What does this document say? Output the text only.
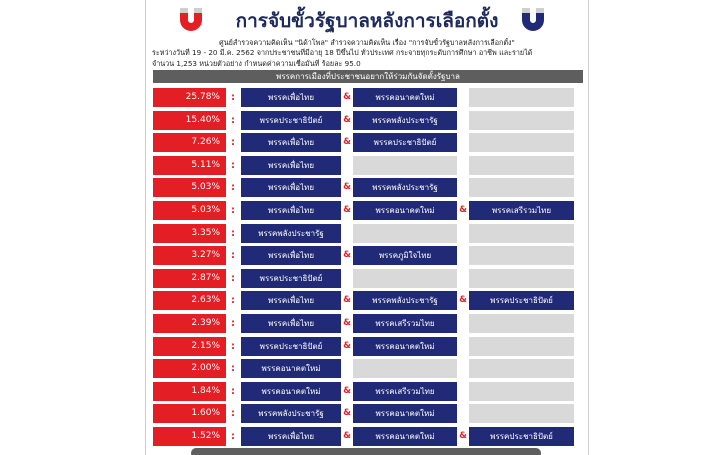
การจับขั้วรัฐบาลหลังการเลือกตั้ง
ศูนย์สำรวจความคิดเห็น "นิด้าโพล" สำรวจความคิดเห็น เรื่อง "การจับขั้วรัฐบาลหลังการเลือกตั้ง"
ระหว่างวันที่ 19 - 20 มี.ค. 2562 จากประชาชนที่มีอายุ 18 ปีขึ้นไป ทั่วประเทศ กระจายทุกระดับการศึกษา อาชีพ และรายได้
จำนวน 1,253 หน่วยตัวอย่าง กำหนดค่าความเชื่อมั่นที่ ร้อยละ 95.0
พรรคการเมืองที่ประชาชนอยากให้ร่วมกันจัดตั้งรัฐบาล
25.78%	:	พรรคเพื่อไทย	&	พรรคอนาคตใหม่
15.40%	:	พรรคประชาธิปัตย์	&	พรรคพลังประชารัฐ
7.26%	:	พรรคเพื่อไทย	&	พรรคประชาธิปัตย์
5.11%	:	พรรคเพื่อไทย
5.03%	:	พรรคเพื่อไทย	&	พรรคพลังประชารัฐ
5.03%	:	พรรคเพื่อไทย	&	พรรคอนาคตใหม่	&	พรรคเสรีรวมไทย
3.35%	:	พรรคพลังประชารัฐ
3.27%	:	พรรคเพื่อไทย	&	พรรคภูมิใจไทย
2.87%	:	พรรคประชาธิปัตย์
2.63%	:	พรรคเพื่อไทย	&	พรรคพลังประชารัฐ	&	พรรคประชาธิปัตย์
2.39%	:	พรรคเพื่อไทย	&	พรรคเสรีรวมไทย
2.15%	:	พรรคประชาธิปัตย์	&	พรรคอนาคตใหม่
2.00%	:	พรรคอนาคตใหม่
1.84%	:	พรรคอนาคตใหม่	&	พรรคเสรีรวมไทย
1.60%	:	พรรคพลังประชารัฐ	&	พรรคอนาคตใหม่
1.52%	:	พรรคเพื่อไทย	&	พรรคอนาคตใหม่	&	พรรคประชาธิปัตย์
